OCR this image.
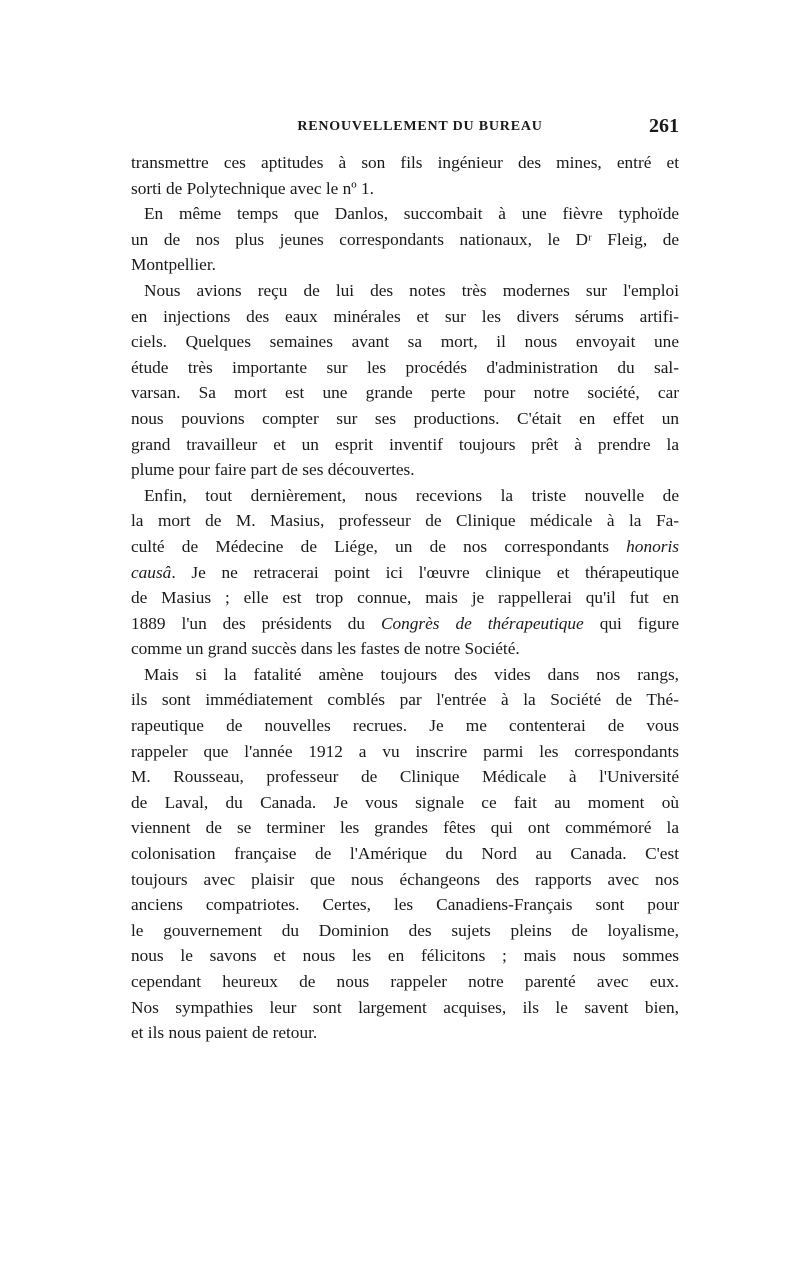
RENOUVELLEMENT DU BUREAU	261
transmettre ces aptitudes à son fils ingénieur des mines, entré et
sorti de Polytechnique avec le nº 1.
En même temps que Danlos, succombait à une fièvre typhoïde
un de nos plus jeunes correspondants nationaux, le Dʳ Fleig, de
Montpellier.
Nous avions reçu de lui des notes très modernes sur l'emploi
en injections des eaux minérales et sur les divers sérums artifi-
ciels. Quelques semaines avant sa mort, il nous envoyait une
étude très importante sur les procédés d'administration du sal-
varsan. Sa mort est une grande perte pour notre société, car
nous pouvions compter sur ses productions. C'était en effet un
grand travailleur et un esprit inventif toujours prêt à prendre la
plume pour faire part de ses découvertes.
Enfin, tout dernièrement, nous recevions la triste nouvelle de
la mort de M. Masius, professeur de Clinique médicale à la Fa-
culté de Médecine de Liége, un de nos correspondants honoris
causâ. Je ne retracerai point ici l'œuvre clinique et thérapeutique
de Masius ; elle est trop connue, mais je rappellerai qu'il fut en
1889 l'un des présidents du Congrès de thérapeutique qui figure
comme un grand succès dans les fastes de notre Société.
Mais si la fatalité amène toujours des vides dans nos rangs,
ils sont immédiatement comblés par l'entrée à la Société de Thé-
rapeutique de nouvelles recrues. Je me contenterai de vous
rappeler que l'année 1912 a vu inscrire parmi les correspondants
M. Rousseau, professeur de Clinique Médicale à l'Université
de Laval, du Canada. Je vous signale ce fait au moment où
viennent de se terminer les grandes fêtes qui ont commémoré la
colonisation française de l'Amérique du Nord au Canada. C'est
toujours avec plaisir que nous échangeons des rapports avec nos
anciens compatriotes. Certes, les Canadiens-Français sont pour
le gouvernement du Dominion des sujets pleins de loyalisme,
nous le savons et nous les en félicitons ; mais nous sommes
cependant heureux de nous rappeler notre parenté avec eux.
Nos sympathies leur sont largement acquises, ils le savent bien,
et ils nous paient de retour.
